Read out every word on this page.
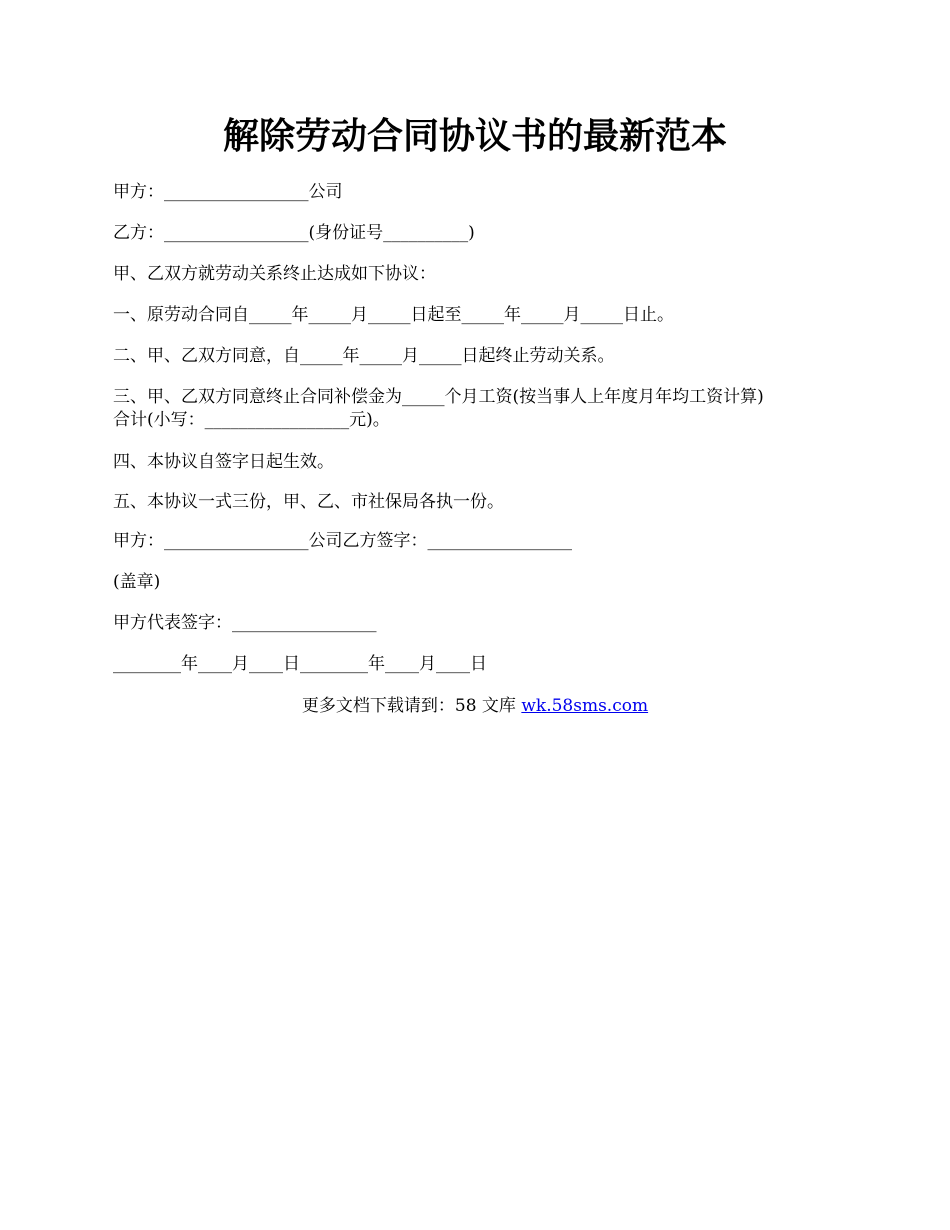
解除劳动合同协议书的最新范本
甲方：_________________公司
乙方：_________________(身份证号__________)
甲、乙双方就劳动关系终止达成如下协议：
一、原劳动合同自_____年_____月_____日起至_____年_____月_____日止。
二、甲、乙双方同意，自_____年_____月_____日起终止劳动关系。
三、甲、乙双方同意终止合同补偿金为_____个月工资(按当事人上年度月年均工资计算)
合计(小写：_________________元)。
四、本协议自签字日起生效。
五、本协议一式三份，甲、乙、市社保局各执一份。
甲方：_________________公司乙方签字：_________________
(盖章)
甲方代表签字：_________________
________年____月____日________年____月____日
更多文档下载请到：58 文库 wk.58sms.com
